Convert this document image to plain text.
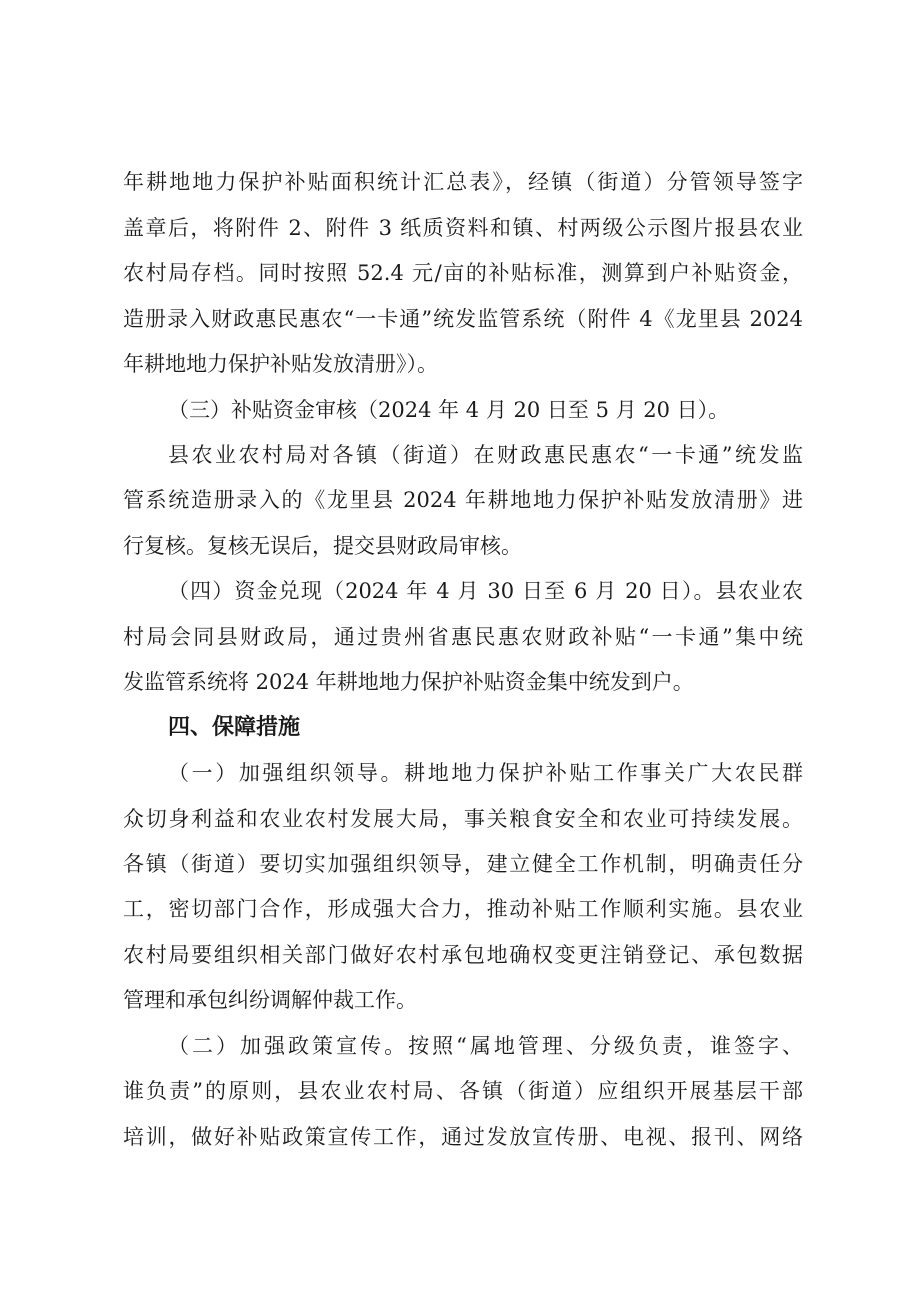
年耕地地力保护补贴面积统计汇总表》，经镇（街道）分管领导签字
盖章后，将附件 2、附件 3 纸质资料和镇、村两级公示图片报县农业
农村局存档。同时按照 52.4 元/亩的补贴标准，测算到户补贴资金，
造册录入财政惠民惠农“一卡通”统发监管系统（附件 4《龙里县 2024
年耕地地力保护补贴发放清册》）。
（三）补贴资金审核（2024 年 4 月 20 日至 5 月 20 日）。
县农业农村局对各镇（街道）在财政惠民惠农“一卡通”统发监
管系统造册录入的《龙里县 2024 年耕地地力保护补贴发放清册》进
行复核。复核无误后，提交县财政局审核。
（四）资金兑现（2024 年 4 月 30 日至 6 月 20 日）。县农业农
村局会同县财政局，通过贵州省惠民惠农财政补贴“一卡通”集中统
发监管系统将 2024 年耕地地力保护补贴资金集中统发到户。
四、保障措施
（一）加强组织领导。耕地地力保护补贴工作事关广大农民群
众切身利益和农业农村发展大局，事关粮食安全和农业可持续发展。
各镇（街道）要切实加强组织领导，建立健全工作机制，明确责任分
工，密切部门合作，形成强大合力，推动补贴工作顺利实施。县农业
农村局要组织相关部门做好农村承包地确权变更注销登记、承包数据
管理和承包纠纷调解仲裁工作。
（二）加强政策宣传。按照“属地管理、分级负责，谁签字、
谁负责”的原则，县农业农村局、各镇（街道）应组织开展基层干部
培训，做好补贴政策宣传工作，通过发放宣传册、电视、报刊、网络
